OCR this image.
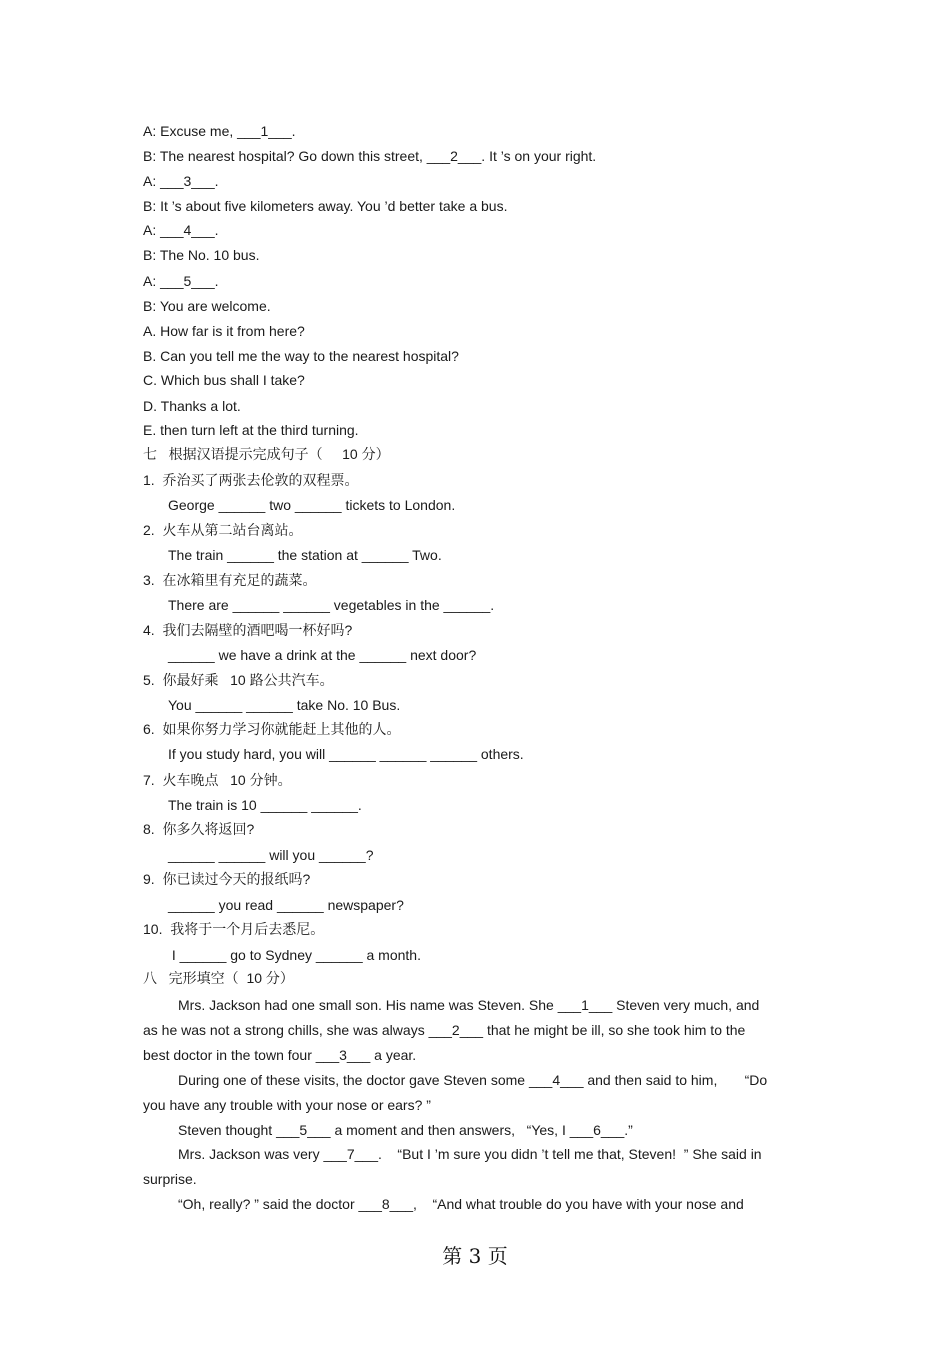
A: Excuse me, ___1___.
B: The nearest hospital? Go down this street, ___2___. It ’s on your right.
A: ___3___.
B: It ’s about five kilometers away. You ’d better take a bus.
A: ___4___.
B: The No. 10 bus.
A: ___5___.
B: You are welcome.
A. How far is it from here?
B. Can you tell me the way to the nearest hospital?
C. Which bus shall I take?
D. Thanks a lot.
E. then turn left at the third turning.
七   根据汉语提示完成句子（     10 分）
1.  乔治买了两张去伦敦的双程票。
George ______ two ______ tickets to London.
2.  火车从第二站台离站。
The train ______ the station at ______ Two.
3.  在冰箱里有充足的蔬菜。
There are ______ ______ vegetables in the ______.
4.  我们去隔壁的酒吧喝一杯好吗?
______ we have a drink at the ______ next door?
5.  你最好乘   10 路公共汽车。
You ______ ______ take No. 10 Bus.
6.  如果你努力学习你就能赶上其他的人。
If you study hard, you will ______ ______ ______ others.
7.  火车晚点   10 分钟。
The train is 10 ______ ______.
8.  你多久将返回?
______ ______ will you ______?
9.  你已读过今天的报纸吗?
______ you read ______ newspaper?
10.  我将于一个月后去悉尼。
I ______ go to Sydney ______ a month.
八   完形填空（  10 分）
Mrs. Jackson had one small son. His name was Steven. She ___1___ Steven very much, and
as he was not a strong chills, she was always ___2___ that he might be ill, so she took him to the
best doctor in the town four ___3___ a year.
During one of these visits, the doctor gave Steven some ___4___ and then said to him,       “Do
you have any trouble with your nose or ears? ”
Steven thought ___5___ a moment and then answers,   “Yes, I ___6___.”
Mrs. Jackson was very ___7___.    “But I ’m sure you didn ’t tell me that, Steven!  ” She said in
surprise.
“Oh, really? ” said the doctor ___8___,    “And what trouble do you have with your nose and
第 3 页
